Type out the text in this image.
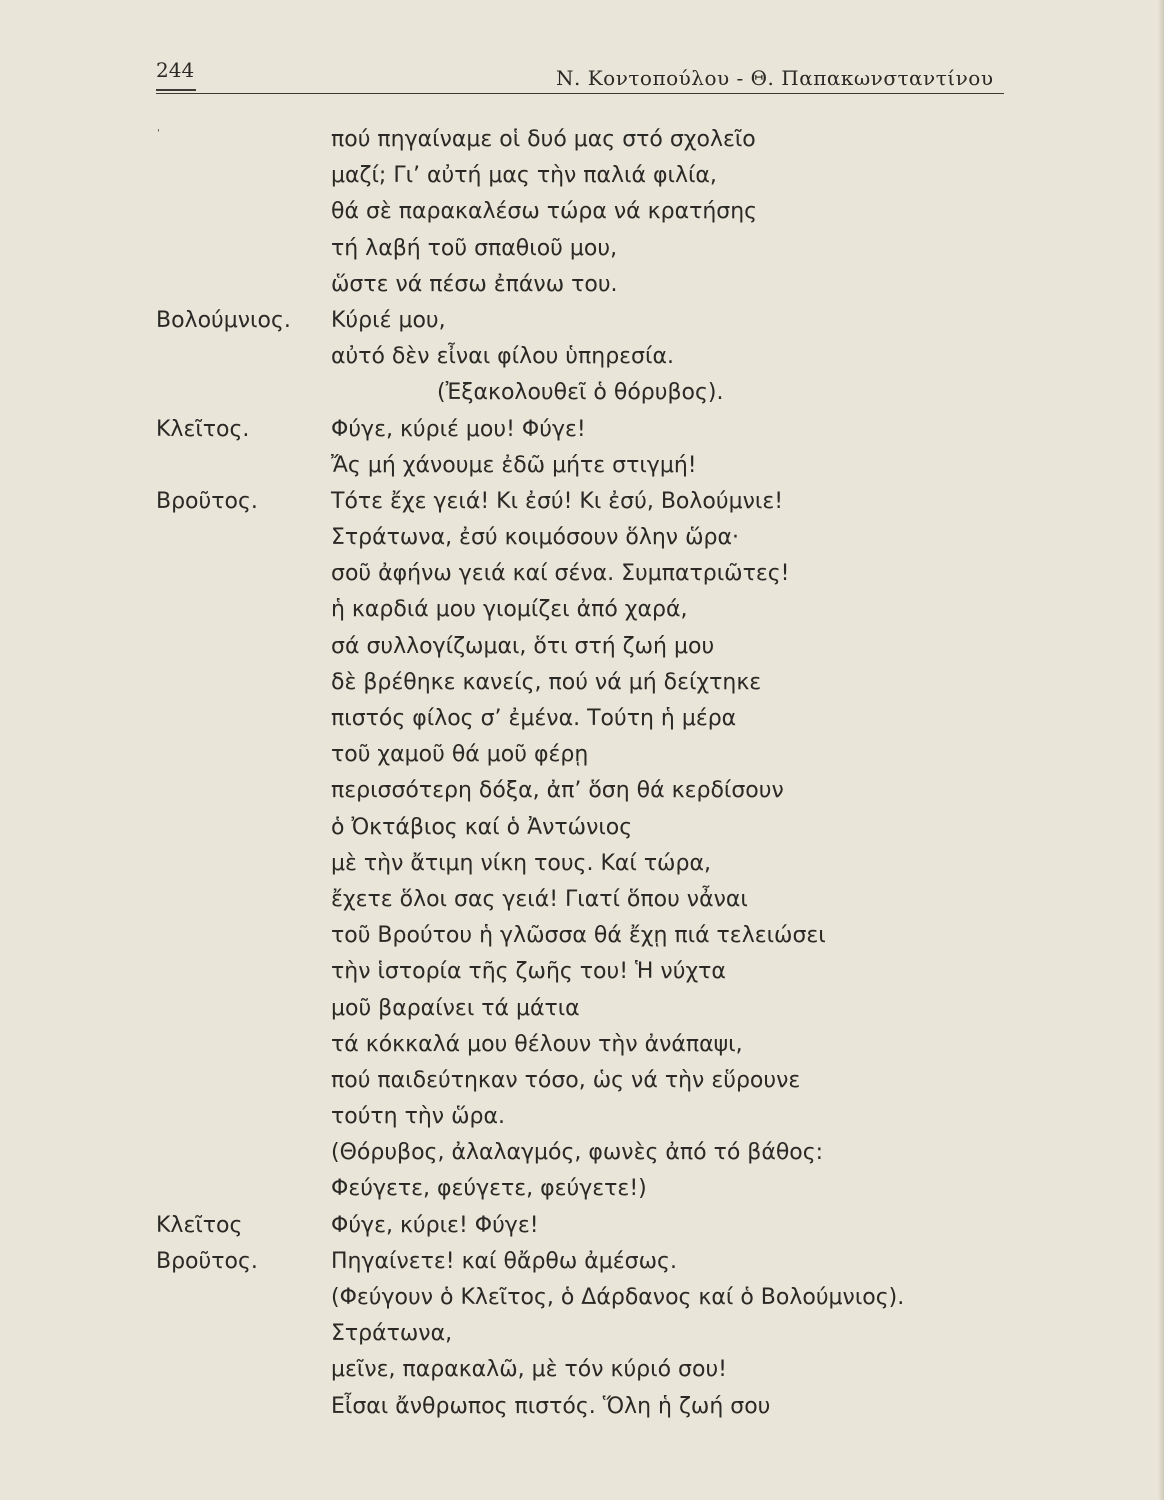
244	Ν. Κοντοπούλου - Θ. Παπακωνσταντίνου
'	πού πηγαίναμε οἱ δυό μας στό σχολεῖο
μαζί; Γι’ αὐτή μας τὴν παλιά φιλία,
θά σὲ παρακαλέσω τώρα νά κρατήσης
τή λαβή τοῦ σπαθιοῦ μου,
ὥστε νά πέσω ἐπάνω του.
Βολούμνιος. Κύριέ μου,
αὐτό δὲν εἶναι φίλου ὑπηρεσία.
(Ἐξακολουθεῖ ὁ θόρυβος).
Κλεῖτος.	Φύγε, κύριέ μου! Φύγε!
Ἄς μή χάνουμε ἐδῶ μήτε στιγμή!
Βροῦτος.	Τότε ἔχε γειά! Κι ἐσύ! Κι ἐσύ, Βολούμνιε!
Στράτωνα, ἐσύ κοιμόσουν ὅλην ὥρα·
σοῦ ἀφήνω γειά καί σένα. Συμπατριῶτες!
ἡ καρδιά μου γιομίζει ἀπό χαρά,
σά συλλογίζωμαι, ὅτι στή ζωή μου
δὲ βρέθηκε κανείς, πού νά μή δείχτηκε
πιστός φίλος σ’ ἐμένα. Τούτη ἡ μέρα
τοῦ χαμοῦ θά μοῦ φέρῃ
περισσότερη δόξα, ἀπ’ ὅση θά κερδίσουν
ὁ Ὀκτάβιος καί ὁ Ἀντώνιος
μὲ τὴν ἄτιμη νίκη τους. Καί τώρα,
ἔχετε ὅλοι σας γειά! Γιατί ὅπου νἆναι
τοῦ Βρούτου ἡ γλῶσσα θά ἔχῃ πιά τελειώσει
τὴν ἱστορία τῆς ζωῆς του! Ἡ νύχτα
μοῦ βαραίνει τά μάτια
τά κόκκαλά μου θέλουν τὴν ἀνάπαψι,
πού παιδεύτηκαν τόσο, ὡς νά τὴν εὕρουνε
τούτη τὴν ὥρα.
(Θόρυβος, ἀλαλαγμός, φωνὲς ἀπό τό βάθος:
Φεύγετε, φεύγετε, φεύγετε!)
Κλεῖτος	Φύγε, κύριε! Φύγε!
Βροῦτος.	Πηγαίνετε! καί θἄρθω ἀμέσως.
(Φεύγουν ὁ Κλεῖτος, ὁ Δάρδανος καί ὁ Βολούμνιος).
Στράτωνα,
μεῖνε, παρακαλῶ, μὲ τόν κύριό σου!
Εἶσαι ἄνθρωπος πιστός. Ὅλη ἡ ζωή σου
